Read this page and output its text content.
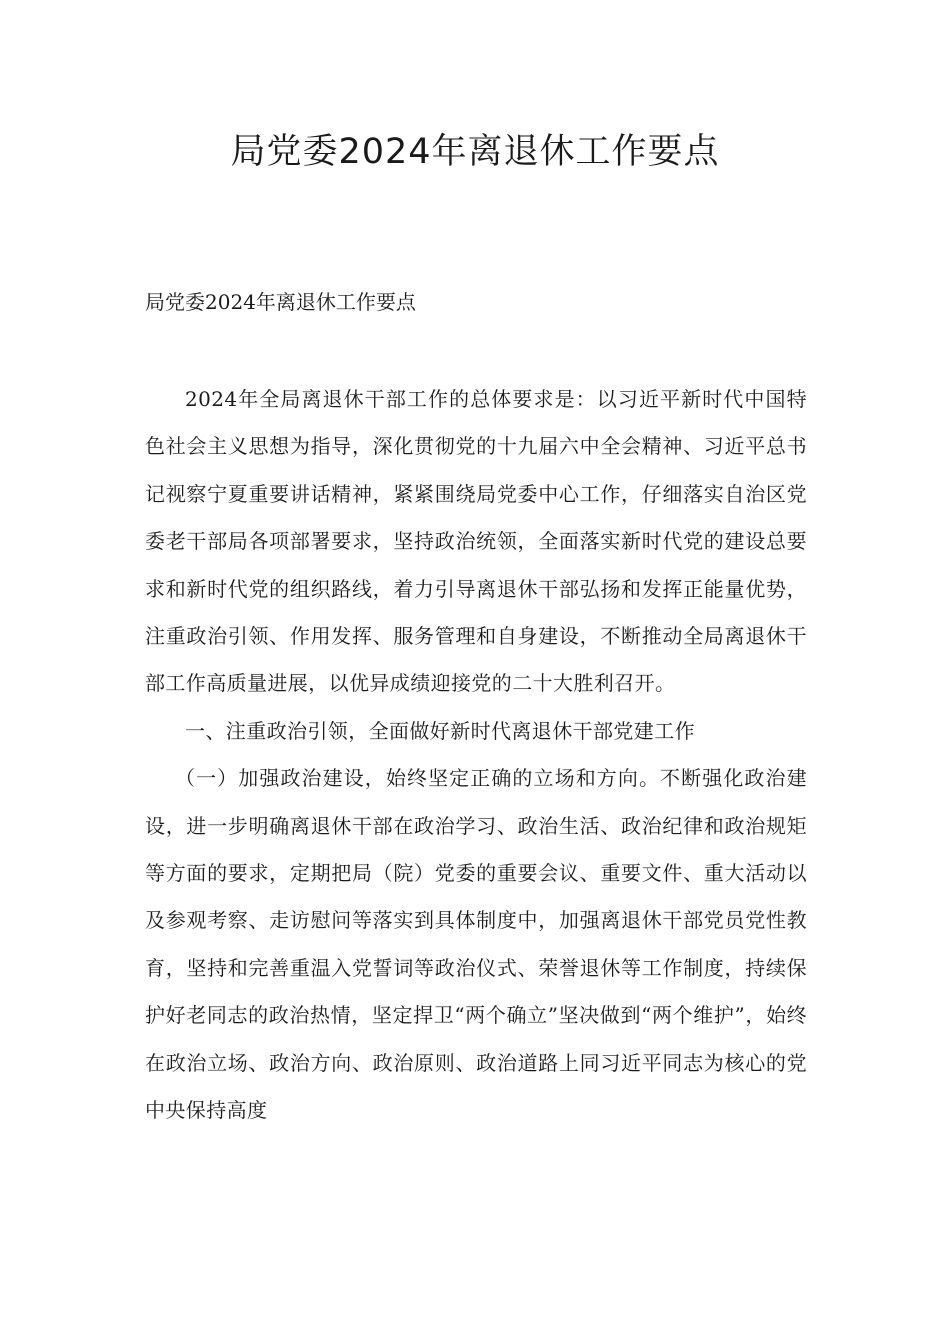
局党委2024年离退休工作要点

局党委2024年离退休工作要点

2024年全局离退休干部工作的总体要求是：以习近平新时代中国特色社会主义思想为指导，深化贯彻党的十九届六中全会精神、习近平总书记视察宁夏重要讲话精神，紧紧围绕局党委中心工作，仔细落实自治区党委老干部局各项部署要求，坚持政治统领，全面落实新时代党的建设总要求和新时代党的组织路线，着力引导离退休干部弘扬和发挥正能量优势，注重政治引领、作用发挥、服务管理和自身建设，不断推动全局离退休干部工作高质量进展，以优异成绩迎接党的二十大胜利召开。

一、注重政治引领，全面做好新时代离退休干部党建工作

（一）加强政治建设，始终坚定正确的立场和方向。不断强化政治建设，进一步明确离退休干部在政治学习、政治生活、政治纪律和政治规矩等方面的要求，定期把局（院）党委的重要会议、重要文件、重大活动以及参观考察、走访慰问等落实到具体制度中，加强离退休干部党员党性教育，坚持和完善重温入党誓词等政治仪式、荣誉退休等工作制度，持续保护好老同志的政治热情，坚定捍卫“两个确立”坚决做到“两个维护”，始终在政治立场、政治方向、政治原则、政治道路上同习近平同志为核心的党中央保持高度
